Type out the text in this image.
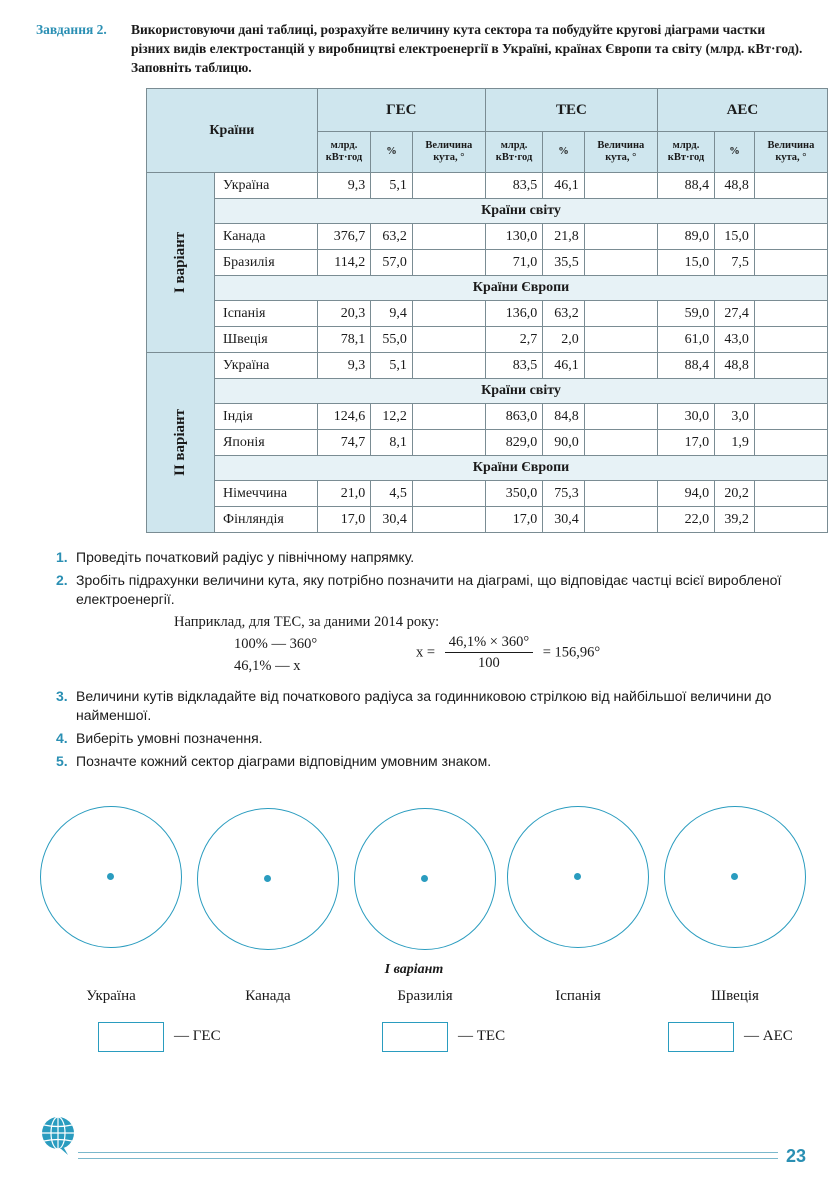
Завдання 2.	Використовуючи дані таблиці, розрахуйте величину кута сектора та побудуйте кругові діаграми частки різних видів електростанцій у виробництві електроенергії в Україні, країнах Європи та світу (млрд. кВт·год). Заповніть таблицю.
Країни		ГЕС			ТЕС			АЕС		
		млрд. кВт·год	%	Величина кута, °	млрд. кВт·год	%	Величина кута, °	млрд. кВт·год	%	Величина кута, °
І варіант	Україна	9,3	5,1		83,5	46,1		88,4	48,8	
	Країни світу									
	Канада	376,7	63,2		130,0	21,8		89,0	15,0	
	Бразилія	114,2	57,0		71,0	35,5		15,0	7,5	
	Країни Європи									
	Іспанія	20,3	9,4		136,0	63,2		59,0	27,4	
	Швеція	78,1	55,0		2,7	2,0		61,0	43,0	
ІІ варіант	Україна	9,3	5,1		83,5	46,1		88,4	48,8	
	Країни світу									
	Індія	124,6	12,2		863,0	84,8		30,0	3,0	
	Японія	74,7	8,1		829,0	90,0		17,0	1,9	
	Країни Європи									
	Німеччина	21,0	4,5		350,0	75,3		94,0	20,2	
	Фінляндія	17,0	30,4		17,0	30,4		22,0	39,2	
1. Проведіть початковий радіус у північному напрямку.
2. Зробіть підрахунки величини кута, яку потрібно позначити на діаграмі, що відповідає частці всієї виробленої електроенергії.
Наприклад, для ТЕС, за даними 2014 року:
100% — 360°
46,1% — x
$x = \frac{46,1\% \times 360^\circ}{100} = 156,96^\circ$
3. Величини кутів відкладайте від початкового радіуса за годинниковою стрілкою від найбільшої величини до найменшої.
4. Виберіть умовні позначення.
5. Позначте кожний сектор діаграми відповідним умовним знаком.
І варіант
Україна	Канада	Бразилія	Іспанія	Швеція
— ГЕС	— ТЕС	— АЕС
23
